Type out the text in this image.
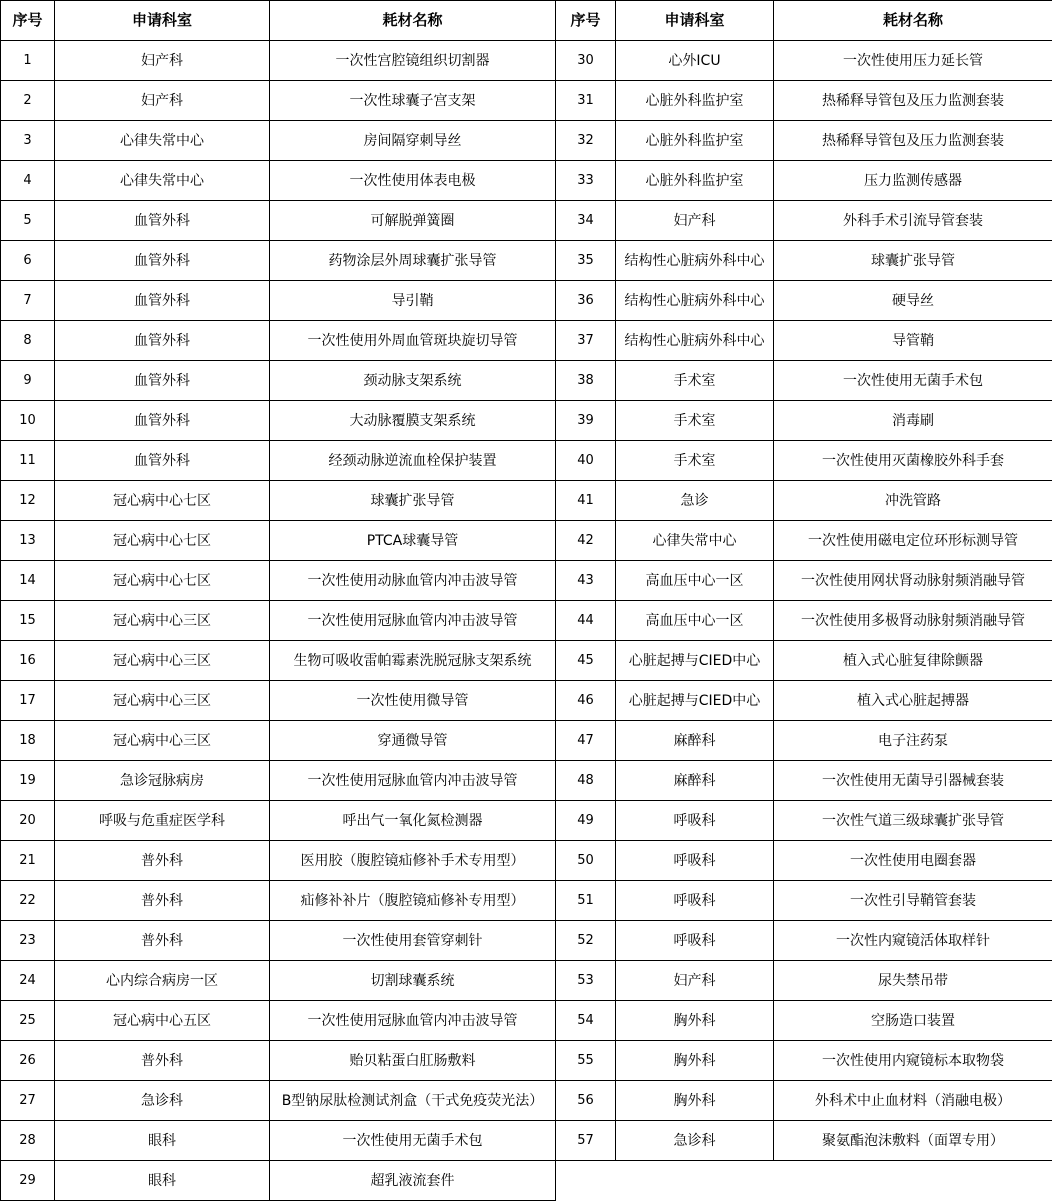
序号	申请科室	耗材名称	序号	申请科室	耗材名称
1	妇产科	一次性宫腔镜组织切割器	30	心外ICU	一次性使用压力延长管
2	妇产科	一次性球囊子宫支架	31	心脏外科监护室	热稀释导管包及压力监测套装
3	心律失常中心	房间隔穿刺导丝	32	心脏外科监护室	热稀释导管包及压力监测套装
4	心律失常中心	一次性使用体表电极	33	心脏外科监护室	压力监测传感器
5	血管外科	可解脱弹簧圈	34	妇产科	外科手术引流导管套装
6	血管外科	药物涂层外周球囊扩张导管	35	结构性心脏病外科中心	球囊扩张导管
7	血管外科	导引鞘	36	结构性心脏病外科中心	硬导丝
8	血管外科	一次性使用外周血管斑块旋切导管	37	结构性心脏病外科中心	导管鞘
9	血管外科	颈动脉支架系统	38	手术室	一次性使用无菌手术包
10	血管外科	大动脉覆膜支架系统	39	手术室	消毒刷
11	血管外科	经颈动脉逆流血栓保护装置	40	手术室	一次性使用灭菌橡胶外科手套
12	冠心病中心七区	球囊扩张导管	41	急诊	冲洗管路
13	冠心病中心七区	PTCA球囊导管	42	心律失常中心	一次性使用磁电定位环形标测导管
14	冠心病中心七区	一次性使用动脉血管内冲击波导管	43	高血压中心一区	一次性使用网状肾动脉射频消融导管
15	冠心病中心三区	一次性使用冠脉血管内冲击波导管	44	高血压中心一区	一次性使用多极肾动脉射频消融导管
16	冠心病中心三区	生物可吸收雷帕霉素洗脱冠脉支架系统	45	心脏起搏与CIED中心	植入式心脏复律除颤器
17	冠心病中心三区	一次性使用微导管	46	心脏起搏与CIED中心	植入式心脏起搏器
18	冠心病中心三区	穿通微导管	47	麻醉科	电子注药泵
19	急诊冠脉病房	一次性使用冠脉血管内冲击波导管	48	麻醉科	一次性使用无菌导引器械套装
20	呼吸与危重症医学科	呼出气一氧化氮检测器	49	呼吸科	一次性气道三级球囊扩张导管
21	普外科	医用胶（腹腔镜疝修补手术专用型）	50	呼吸科	一次性使用电圈套器
22	普外科	疝修补补片（腹腔镜疝修补专用型）	51	呼吸科	一次性引导鞘管套装
23	普外科	一次性使用套管穿刺针	52	呼吸科	一次性内窥镜活体取样针
24	心内综合病房一区	切割球囊系统	53	妇产科	尿失禁吊带
25	冠心病中心五区	一次性使用冠脉血管内冲击波导管	54	胸外科	空肠造口装置
26	普外科	贻贝粘蛋白肛肠敷料	55	胸外科	一次性使用内窥镜标本取物袋
27	急诊科	B型钠尿肽检测试剂盒（干式免疫荧光法）	56	胸外科	外科术中止血材料（消融电极）
28	眼科	一次性使用无菌手术包	57	急诊科	聚氨酯泡沫敷料（面罩专用）
29	眼科	超乳液流套件			
